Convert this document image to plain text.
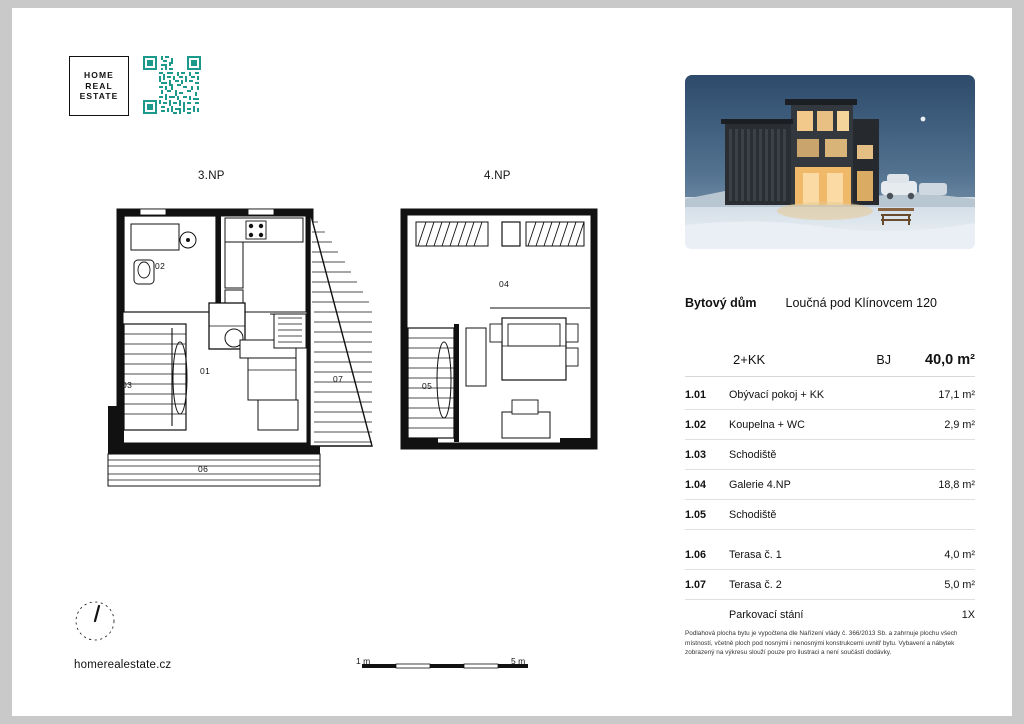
HOME
REAL
ESTATE
3.NP	4.NP
02
03
01
07
06
04
05
Bytový dům Loučná pod Klínovcem 120
2+KK	BJ	40,0 m²
1.01	Obývací pokoj + KK	17,1 m²
1.02	Koupelna + WC	2,9 m²
1.03	Schodiště	
1.04	Galerie 4.NP	18,8 m²
1.05	Schodiště	

1.06	Terasa č. 1	4,0 m²
1.07	Terasa č. 2	5,0 m²
	Parkovací stání	1X
Podlahová plocha bytu je vypočtena dle Nařízení vlády č. 366/2013 Sb. a zahrnuje plochu všech místností, včetně ploch pod nosnými i nenosnými konstrukcemi uvnitř bytu. Vybavení a nábytek zobrazený na výkresu slouží pouze pro ilustraci a není součástí dodávky.
1 m	5 m
homerealestate.cz
